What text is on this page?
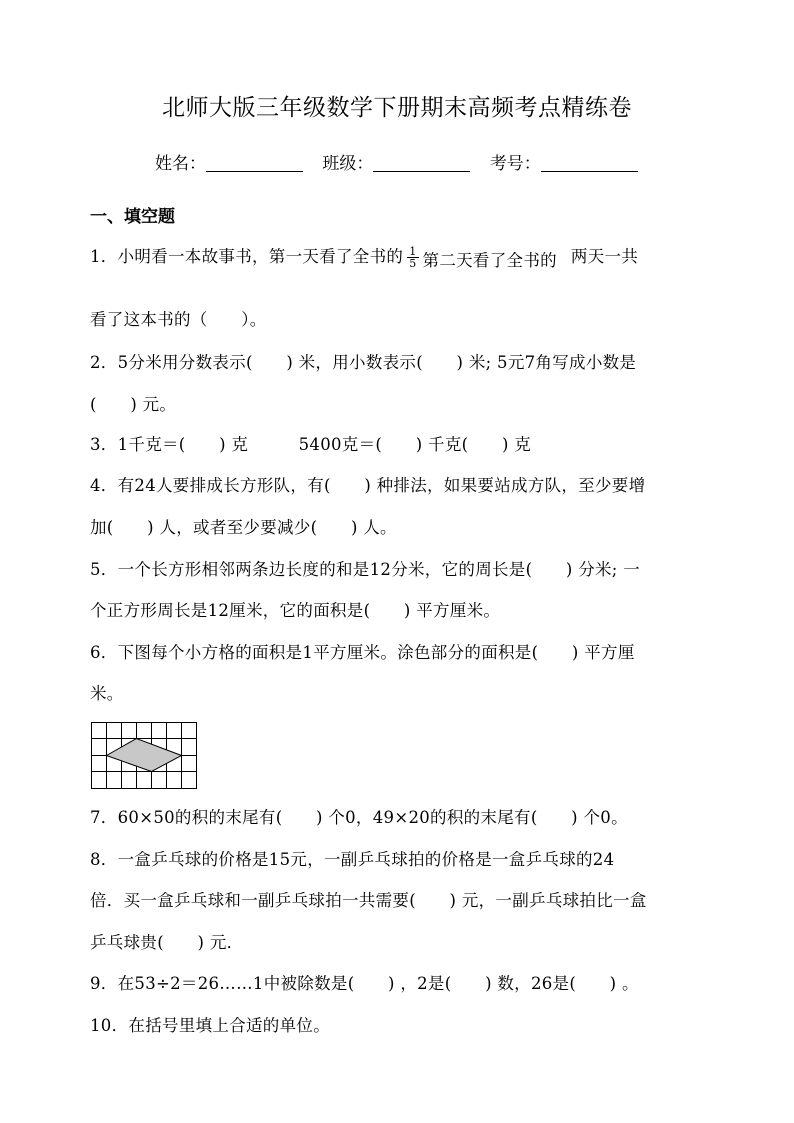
北师大版三年级数学下册期末高频考点精练卷
姓名：	班级：	考号：
一、填空题
1．小明看一本故事书，第一天看了全书的 $\frac{1}{5}$ 第二天看了全书的 两天一共
看了这本书的（　　）。
2．5分米用分数表示(　　) 米，用小数表示(　　) 米; 5元7角写成小数是
(　　) 元。
3．1千克＝(　　) 克　　　5400克＝(　　) 千克(　　) 克
4．有24人要排成长方形队，有(　　) 种排法，如果要站成方队，至少要增
加(　　) 人，或者至少要减少(　　) 人。
5．一个长方形相邻两条边长度的和是12分米，它的周长是(　　) 分米; 一
个正方形周长是12厘米，它的面积是(　　) 平方厘米。
6．下图每个小方格的面积是1平方厘米。涂色部分的面积是(　　) 平方厘
米。
7．60×50的积的末尾有(　　) 个0，49×20的积的末尾有(　　) 个0。
8．一盒乒乓球的价格是15元，一副乒乓球拍的价格是一盒乒乓球的24
倍．买一盒乒乓球和一副乒乓球拍一共需要(　　) 元，一副乒乓球拍比一盒
乒乓球贵(　　) 元．
9．在53÷2＝26……1中被除数是(　　) ，2是(　　) 数，26是(　　) 。
10．在括号里填上合适的单位。
